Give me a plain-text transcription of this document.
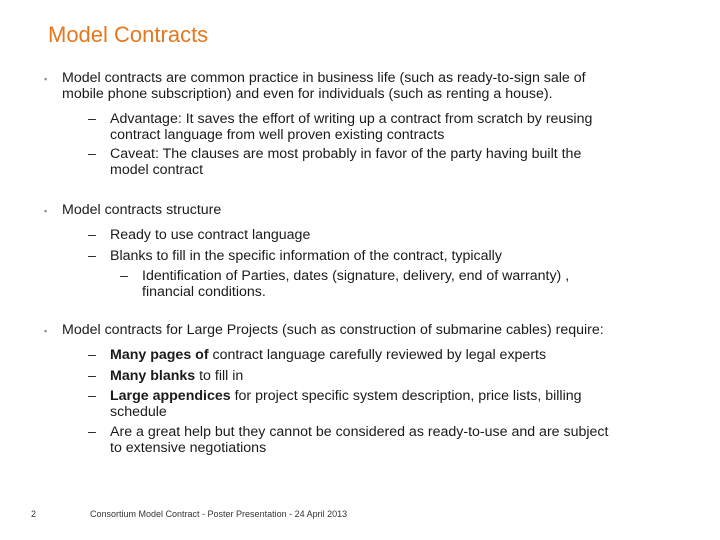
Model Contracts
▪ Model contracts are common practice in business life (such as ready-to-sign sale of
mobile phone subscription) and even for individuals (such as renting a house).
– Advantage: It saves the effort of writing up a contract from scratch by reusing
contract language from well proven existing contracts
– Caveat: The clauses are most probably in favor of the party having built the
model contract
▪ Model contracts structure
– Ready to use contract language
– Blanks to fill in the specific information of the contract, typically
– Identification of Parties, dates (signature, delivery, end of warranty) ,
financial conditions.
▪ Model contracts for Large Projects (such as construction of submarine cables) require:
– Many pages of contract language carefully reviewed by legal experts
– Many blanks to fill in
– Large appendices for project specific system description, price lists, billing
schedule
– Are a great help but they cannot be considered as ready-to-use and are subject
to extensive negotiations
2	Consortium Model Contract - Poster Presentation - 24 April 2013
